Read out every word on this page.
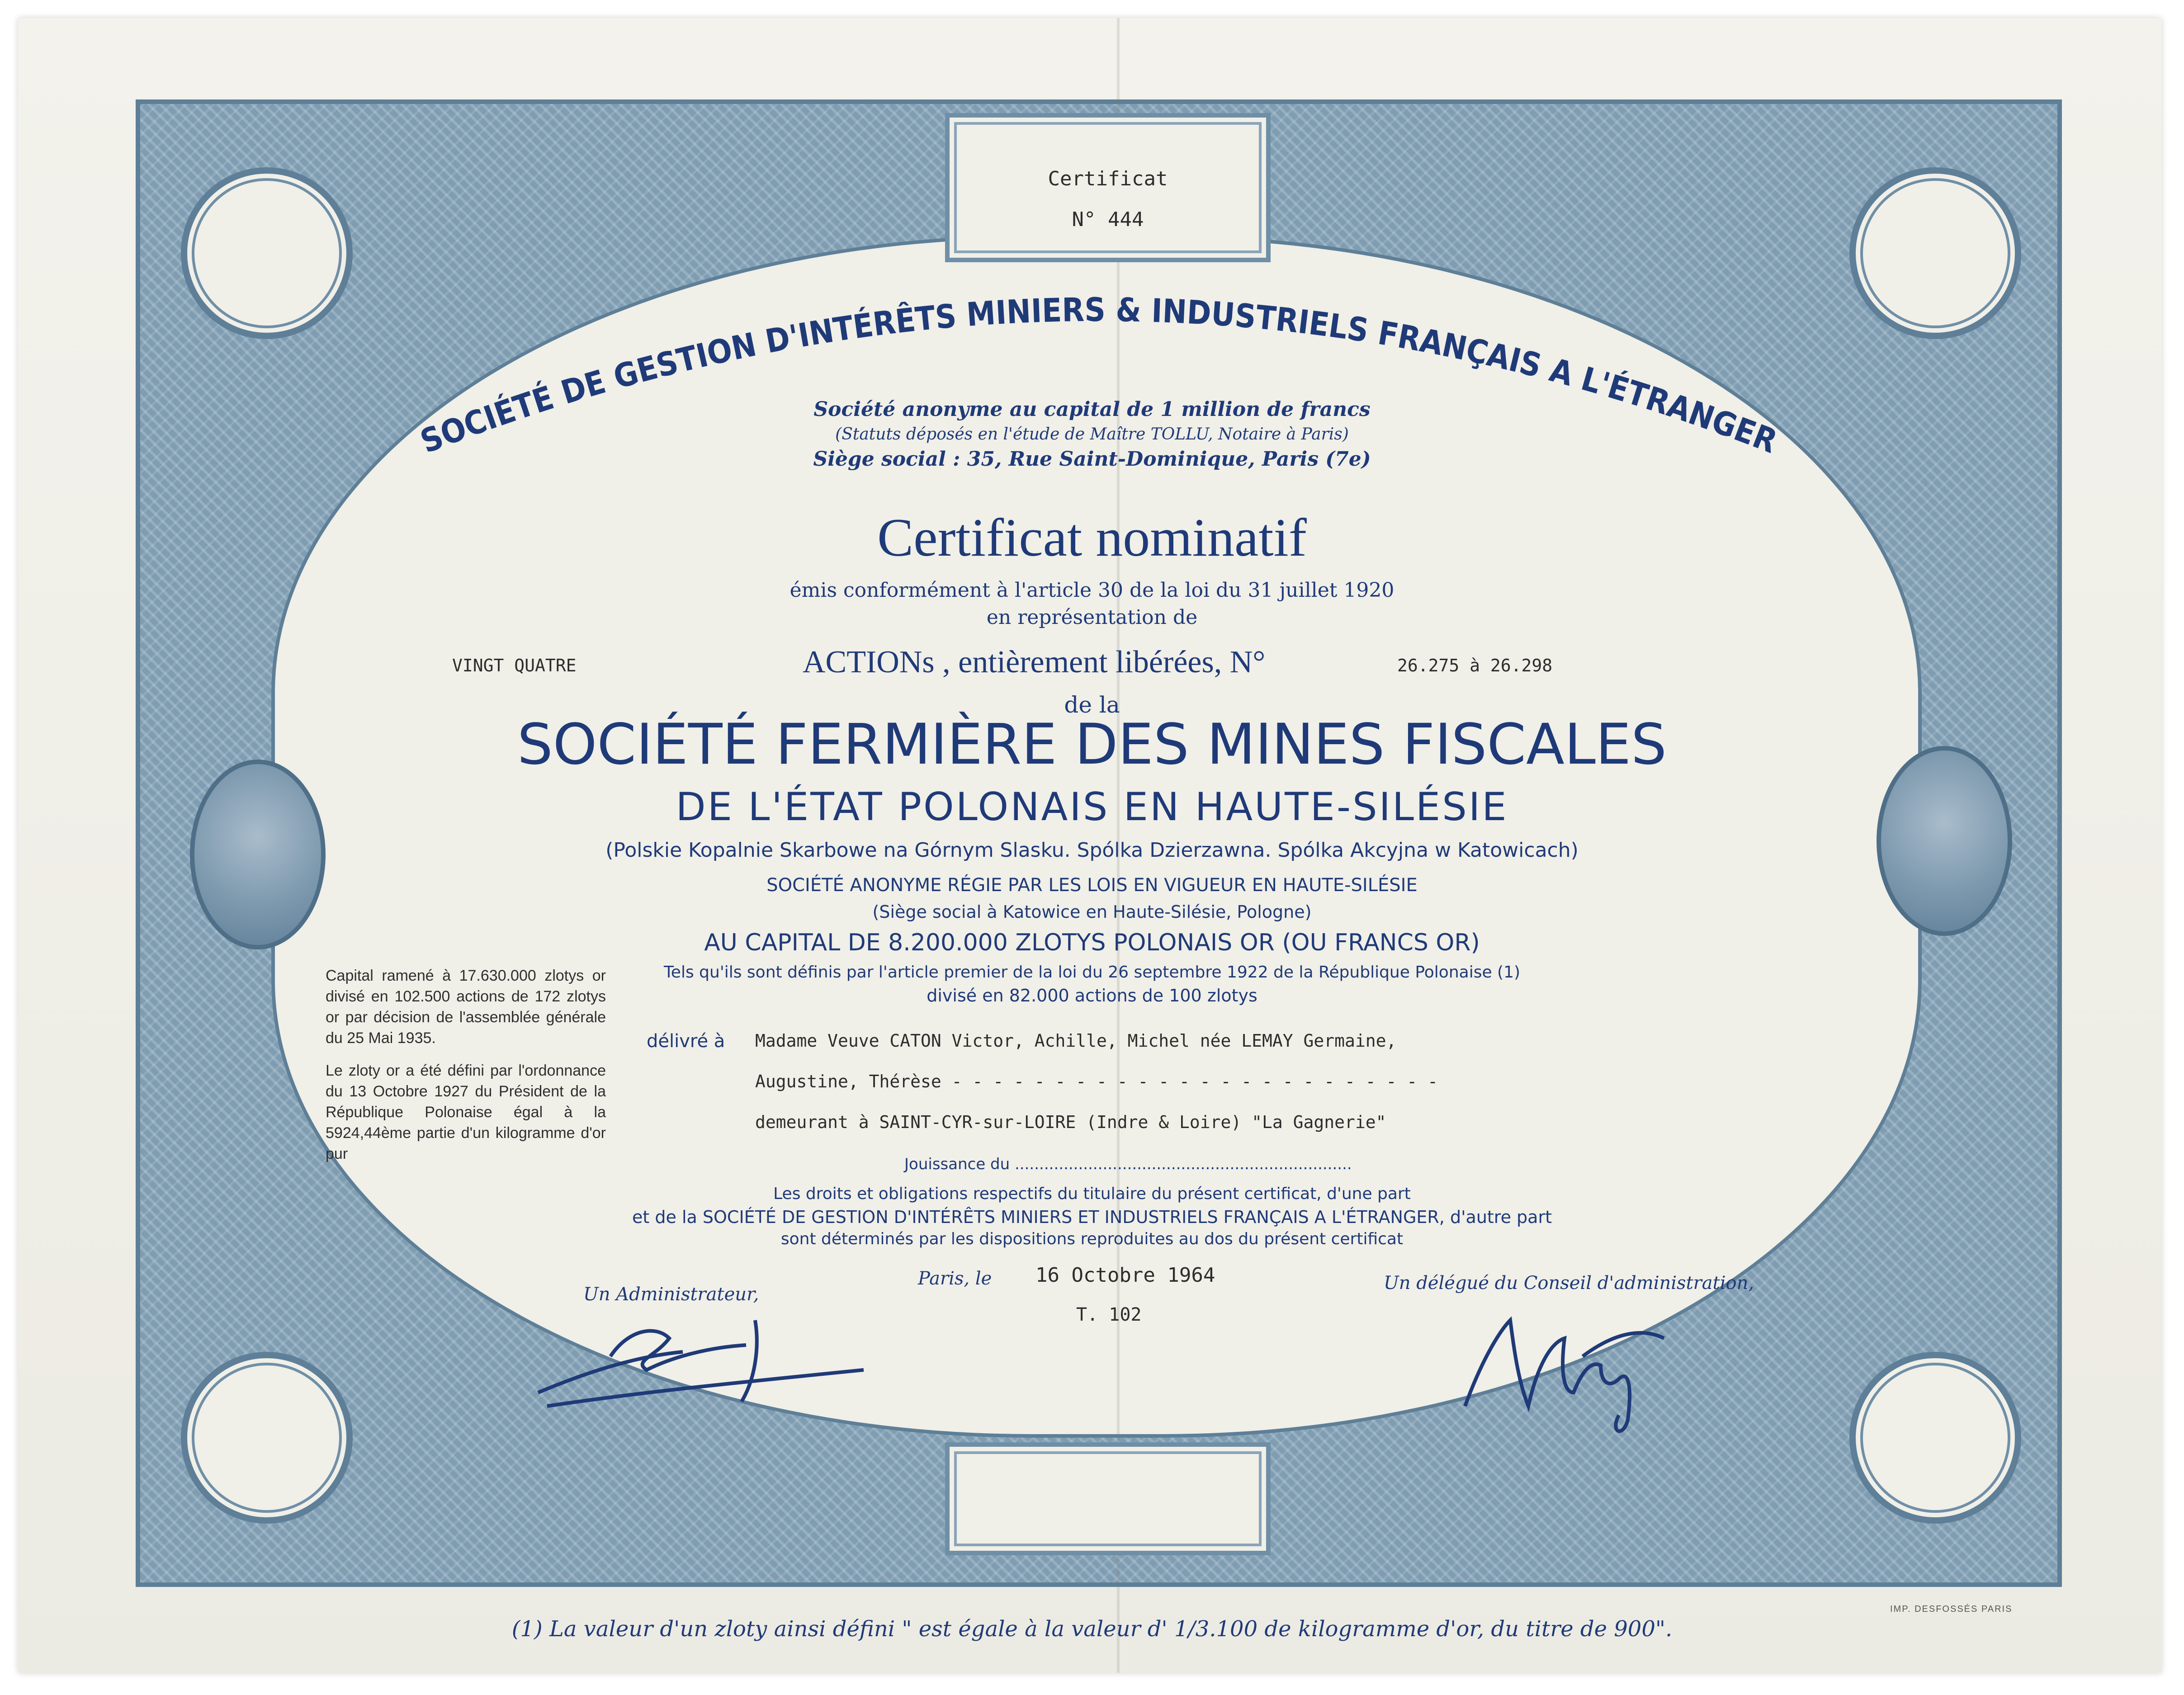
Certificat
N° 444
SOCIÉTÉ DE GESTION D'INTÉRÊTS MINIERS & INDUSTRIELS FRANÇAIS A L'ÉTRANGER
Société anonyme au capital de 1 million de francs
(Statuts déposés en l'étude de Maître TOLLU, Notaire à Paris)
Siège social : 35, Rue Saint-Dominique, Paris (7e)
Certificat nominatif
émis conformément à l'article 30 de la loi du 31 juillet 1920
en représentation de
VINGT QUATRE	ACTIONs , entièrement libérées, N°	26.275 à 26.298
de la
SOCIÉTÉ FERMIÈRE DES MINES FISCALES
DE L'ÉTAT POLONAIS EN HAUTE-SILÉSIE
(Polskie Kopalnie Skarbowe na Górnym Slasku. Spólka Dzierzawna. Spólka Akcyjna w Katowicach)
SOCIÉTÉ ANONYME RÉGIE PAR LES LOIS EN VIGUEUR EN HAUTE-SILÉSIE
(Siège social à Katowice en Haute-Silésie, Pologne)
AU CAPITAL DE 8.200.000 ZLOTYS POLONAIS OR (OU FRANCS OR)
Tels qu'ils sont définis par l'article premier de la loi du 26 septembre 1922 de la République Polonaise (1)
divisé en 82.000 actions de 100 zlotys
délivré à Madame Veuve CATON Victor, Achille, Michel née LEMAY Germaine,
Augustine, Thérèse - - - - - - - - - - - - - - - - - - - - - - - -
demeurant à SAINT-CYR-sur-LOIRE (Indre & Loire) "La Gagnerie"
Jouissance du .....................................................................
Les droits et obligations respectifs du titulaire du présent certificat, d'une part
et de la SOCIÉTÉ DE GESTION D'INTÉRÊTS MINIERS ET INDUSTRIELS FRANÇAIS A L'ÉTRANGER, d'autre part
sont déterminés par les dispositions reproduites au dos du présent certificat
Paris, le 16 Octobre 1964
T. 102
Un Administrateur,
Un délégué du Conseil d'administration,

Capital ramené à 17.630.000 zlotys or divisé en 102.500 actions de 172 zlotys or par décision de l'assemblée générale du 25 Mai 1935.

Le zloty or a été défini par l'ordonnance du 13 Octobre 1927 du Président de la République Polonaise égal à la 5924,44ème partie d'un kilogramme d'or pur

IMP. DESFOSSÉS PARIS
(1) La valeur d'un zloty ainsi défini " est égale à la valeur d' 1/3.100 de kilogramme d'or, du titre de 900".
